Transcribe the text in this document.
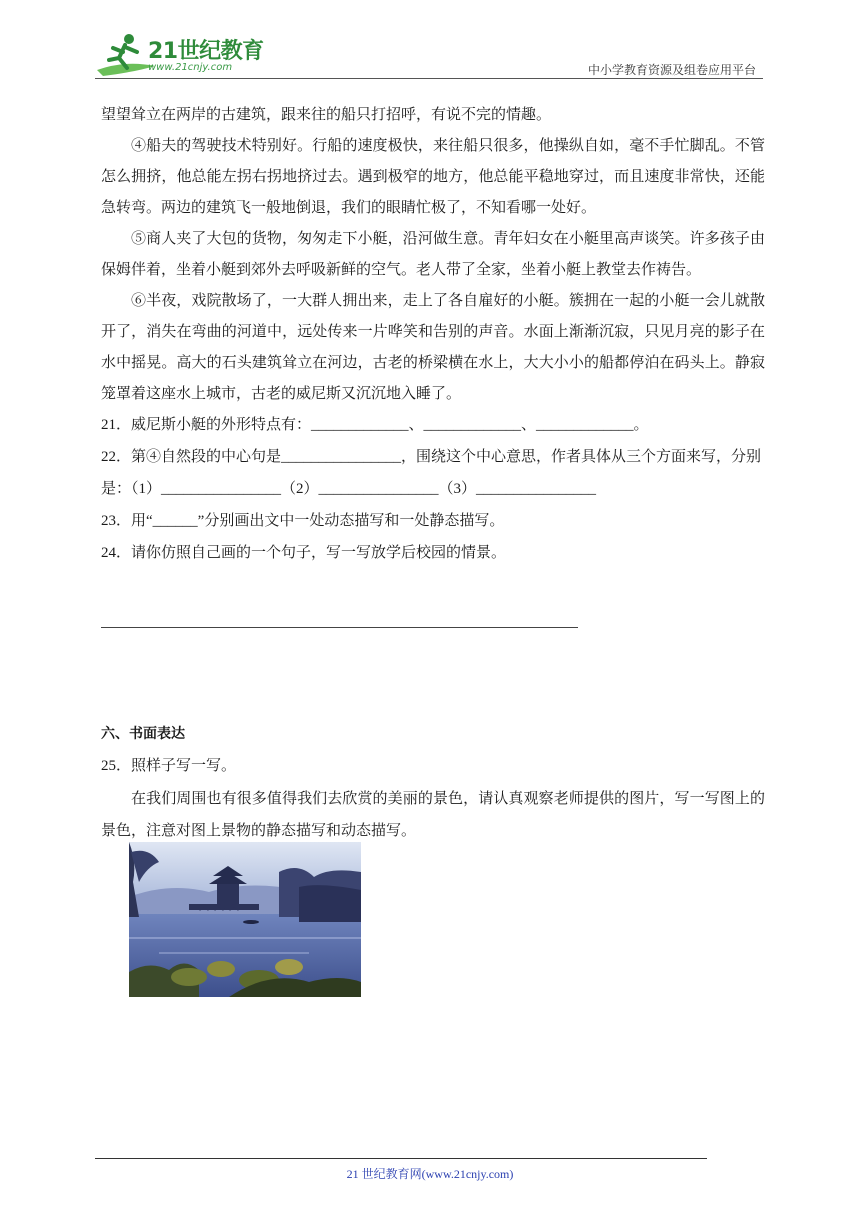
21世纪教育
www.21cnjy.com	中小学教育资源及组卷应用平台

望望耸立在两岸的古建筑，跟来往的船只打招呼，有说不完的情趣。

④船夫的驾驶技术特别好。行船的速度极快，来往船只很多，他操纵自如，毫不手忙脚乱。不管怎么拥挤，他总能左拐右拐地挤过去。遇到极窄的地方，他总能平稳地穿过，而且速度非常快，还能急转弯。两边的建筑飞一般地倒退，我们的眼睛忙极了，不知看哪一处好。

⑤商人夹了大包的货物，匆匆走下小艇，沿河做生意。青年妇女在小艇里高声谈笑。许多孩子由保姆伴着，坐着小艇到郊外去呼吸新鲜的空气。老人带了全家，坐着小艇上教堂去作祷告。

⑥半夜，戏院散场了，一大群人拥出来，走上了各自雇好的小艇。簇拥在一起的小艇一会儿就散开了，消失在弯曲的河道中，远处传来一片哗笑和告别的声音。水面上渐渐沉寂，只见月亮的影子在水中摇晃。高大的石头建筑耸立在河边，古老的桥梁横在水上，大大小小的船都停泊在码头上。静寂笼罩着这座水上城市，古老的威尼斯又沉沉地入睡了。

21．威尼斯小艇的外形特点有：_____________、_____________、_____________。

22．第④自然段的中心句是________________，围绕这个中心意思，作者具体从三个方面来写，分别是：（1）________________（2）________________（3）________________

23．用“______”分别画出文中一处动态描写和一处静态描写。

24．请你仿照自己画的一个句子，写一写放学后校园的情景。

六、书面表达

25．照样子写一写。

在我们周围也有很多值得我们去欣赏的美丽的景色，请认真观察老师提供的图片，写一写图上的景色，注意对图上景物的静态描写和动态描写。

21 世纪教育网(www.21cnjy.com)
